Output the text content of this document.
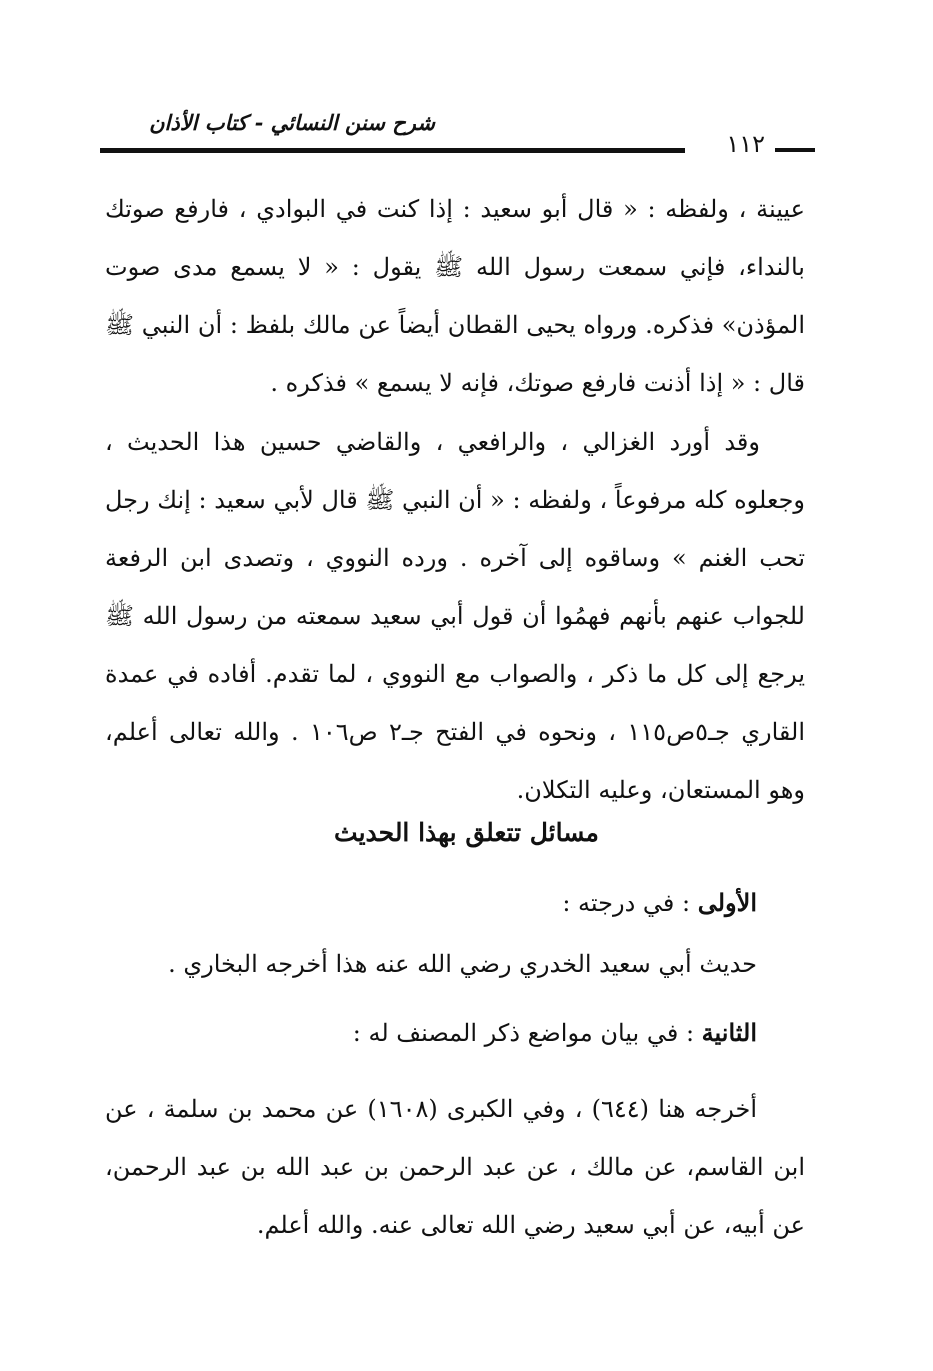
شرح سنن النسائي - كتاب الأذان
١١٢

عيينة ، ولفظه : « قال أبو سعيد : إذا كنت في البوادي ، فارفع صوتك بالنداء، فإني سمعت رسول الله ﷺ يقول : « لا يسمع مدى صوت المؤذن» فذكره. ورواه يحيى القطان أيضاً عن مالك بلفظ : أن النبي ﷺ قال : « إذا أذنت فارفع صوتك، فإنه لا يسمع » فذكره .

وقد أورد الغزالي ، والرافعي ، والقاضي حسين هذا الحديث ، وجعلوه كله مرفوعاً ، ولفظه : « أن النبي ﷺ قال لأبي سعيد : إنك رجل تحب الغنم » وساقوه إلى آخره . ورده النووي ، وتصدى ابن الرفعة للجواب عنهم بأنهم فهمُوا أن قول أبي سعيد سمعته من رسول الله ﷺ يرجع إلى كل ما ذكر ، والصواب مع النووي ، لما تقدم. أفاده في عمدة القاري جـ٥ص١١٥ ، ونحوه في الفتح جـ٢ ص١٠٦ . والله تعالى أعلم، وهو المستعان، وعليه التكلان.

مسائل تتعلق بهذا الحديث

الأولى : في درجته :

حديث أبي سعيد الخدري رضي الله عنه هذا أخرجه البخاري .

الثانية : في بيان مواضع ذكر المصنف له :

أخرجه هنا (٦٤٤) ، وفي الكبرى (١٦٠٨) عن محمد بن سلمة ، عن ابن القاسم، عن مالك ، عن عبد الرحمن بن عبد الله بن عبد الرحمن، عن أبيه، عن أبي سعيد رضي الله تعالى عنه. والله أعلم.
